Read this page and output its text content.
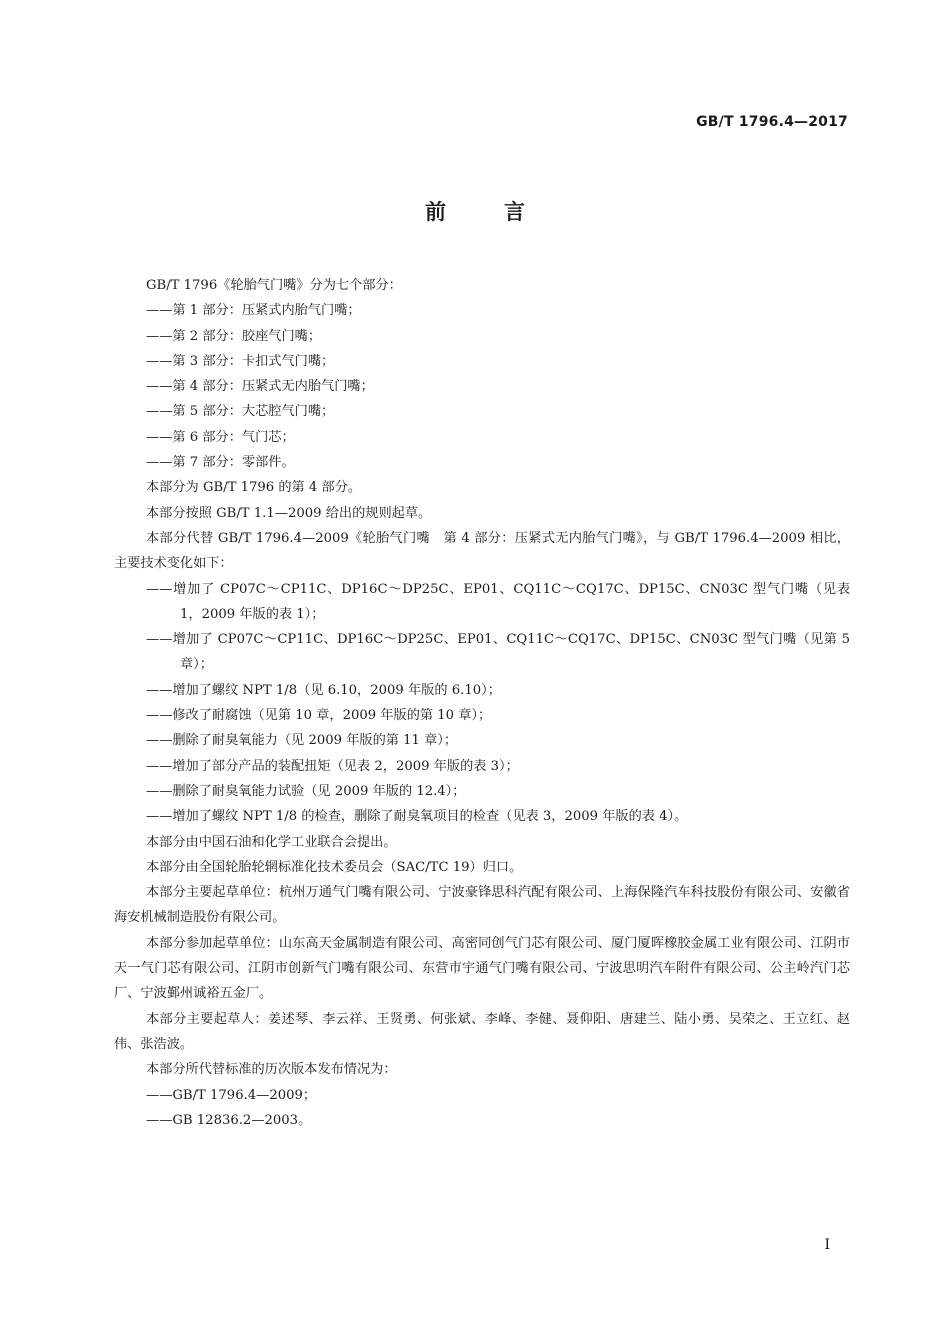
GB/T 1796.4—2017
前	言

GB/T 1796《轮胎气门嘴》分为七个部分：

——第 1 部分：压紧式内胎气门嘴；

——第 2 部分：胶座气门嘴；

——第 3 部分：卡扣式气门嘴；

——第 4 部分：压紧式无内胎气门嘴；

——第 5 部分：大芯腔气门嘴；

——第 6 部分：气门芯；

——第 7 部分：零部件。

本部分为 GB/T 1796 的第 4 部分。

本部分按照 GB/T 1.1—2009 给出的规则起草。

本部分代替 GB/T 1796.4—2009《轮胎气门嘴　第 4 部分：压紧式无内胎气门嘴》，与 GB/T 1796.4—2009 相比，主要技术变化如下：

——增加了 CP07C～CP11C、DP16C～DP25C、EP01、CQ11C～CQ17C、DP15C、CN03C 型气门嘴（见表 1，2009 年版的表 1）；

——增加了 CP07C～CP11C、DP16C～DP25C、EP01、CQ11C～CQ17C、DP15C、CN03C 型气门嘴（见第 5 章）；

——增加了螺纹 NPT 1/8（见 6.10，2009 年版的 6.10）；

——修改了耐腐蚀（见第 10 章，2009 年版的第 10 章）；

——删除了耐臭氧能力（见 2009 年版的第 11 章）；

——增加了部分产品的装配扭矩（见表 2，2009 年版的表 3）；

——删除了耐臭氧能力试验（见 2009 年版的 12.4）；

——增加了螺纹 NPT 1/8 的检查，删除了耐臭氧项目的检查（见表 3，2009 年版的表 4）。

本部分由中国石油和化学工业联合会提出。

本部分由全国轮胎轮辋标准化技术委员会（SAC/TC 19）归口。

本部分主要起草单位：杭州万通气门嘴有限公司、宁波豪锋思科汽配有限公司、上海保隆汽车科技股份有限公司、安徽省海安机械制造股份有限公司。

本部分参加起草单位：山东高天金属制造有限公司、高密同创气门芯有限公司、厦门厦晖橡胶金属工业有限公司、江阴市天一气门芯有限公司、江阴市创新气门嘴有限公司、东营市宇通气门嘴有限公司、宁波思明汽车附件有限公司、公主岭汽门芯厂、宁波鄞州诚裕五金厂。

本部分主要起草人：姜述琴、李云祥、王贤勇、何张斌、李峰、李健、聂仰阳、唐建兰、陆小勇、吴荣之、王立红、赵伟、张浩波。

本部分所代替标准的历次版本发布情况为：

——GB/T 1796.4—2009；

——GB 12836.2—2003。

I
